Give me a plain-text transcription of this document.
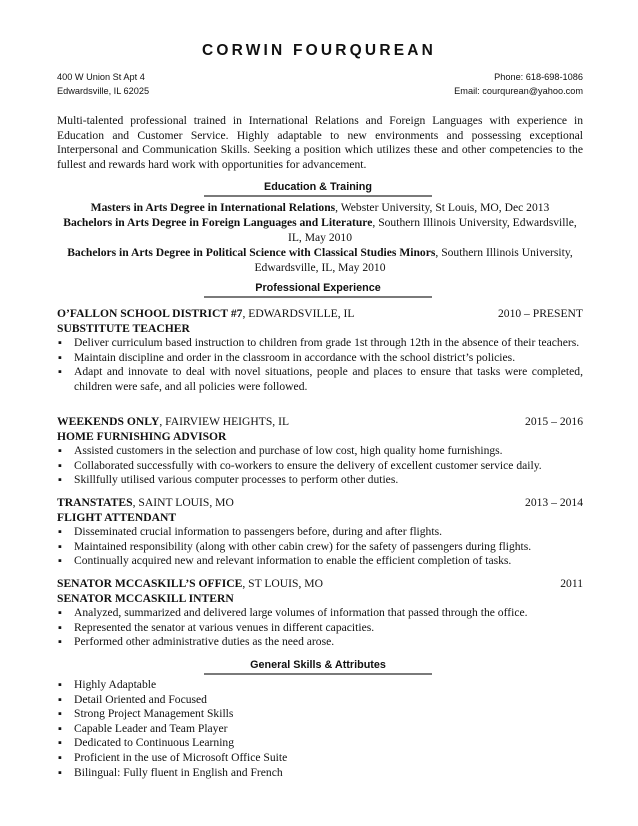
CORWIN FOURQUREAN
400 W Union St Apt 4	Phone: 618-698-1086
Edwardsville, IL 62025	Email: courqurean@yahoo.com
Multi-talented professional trained in International Relations and Foreign Languages with experience in Education and Customer Service. Highly adaptable to new environments and possessing exceptional Interpersonal and Communication Skills. Seeking a position which utilizes these and other competencies to the fullest and rewards hard work with opportunities for advancement.
Education & Training
Masters in Arts Degree in International Relations, Webster University, St Louis, MO, Dec 2013
Bachelors in Arts Degree in Foreign Languages and Literature, Southern Illinois University, Edwardsville, IL, May 2010
Bachelors in Arts Degree in Political Science with Classical Studies Minors, Southern Illinois University, Edwardsville, IL, May 2010
Professional Experience
O’FALLON SCHOOL DISTRICT #7, EDWARDSVILLE, IL	2010 – PRESENT
SUBSTITUTE TEACHER
▪ Deliver curriculum based instruction to children from grade 1st through 12th in the absence of their teachers.
▪ Maintain discipline and order in the classroom in accordance with the school district’s policies.
▪ Adapt and innovate to deal with novel situations, people and places to ensure that tasks were completed, children were safe, and all policies were followed.
WEEKENDS ONLY, FAIRVIEW HEIGHTS, IL	2015 – 2016
HOME FURNISHING ADVISOR
▪ Assisted customers in the selection and purchase of low cost, high quality home furnishings.
▪ Collaborated successfully with co-workers to ensure the delivery of excellent customer service daily.
▪ Skillfully utilised various computer processes to perform other duties.
TRANSTATES, SAINT LOUIS, MO	2013 – 2014
FLIGHT ATTENDANT
▪ Disseminated crucial information to passengers before, during and after flights.
▪ Maintained responsibility (along with other cabin crew) for the safety of passengers during flights.
▪ Continually acquired new and relevant information to enable the efficient completion of tasks.
SENATOR MCCASKILL’S OFFICE, ST LOUIS, MO	2011
SENATOR MCCASKILL INTERN
▪ Analyzed, summarized and delivered large volumes of information that passed through the office.
▪ Represented the senator at various venues in different capacities.
▪ Performed other administrative duties as the need arose.
General Skills & Attributes
▪ Highly Adaptable
▪ Detail Oriented and Focused
▪ Strong Project Management Skills
▪ Capable Leader and Team Player
▪ Dedicated to Continuous Learning
▪ Proficient in the use of Microsoft Office Suite
▪ Bilingual: Fully fluent in English and French
